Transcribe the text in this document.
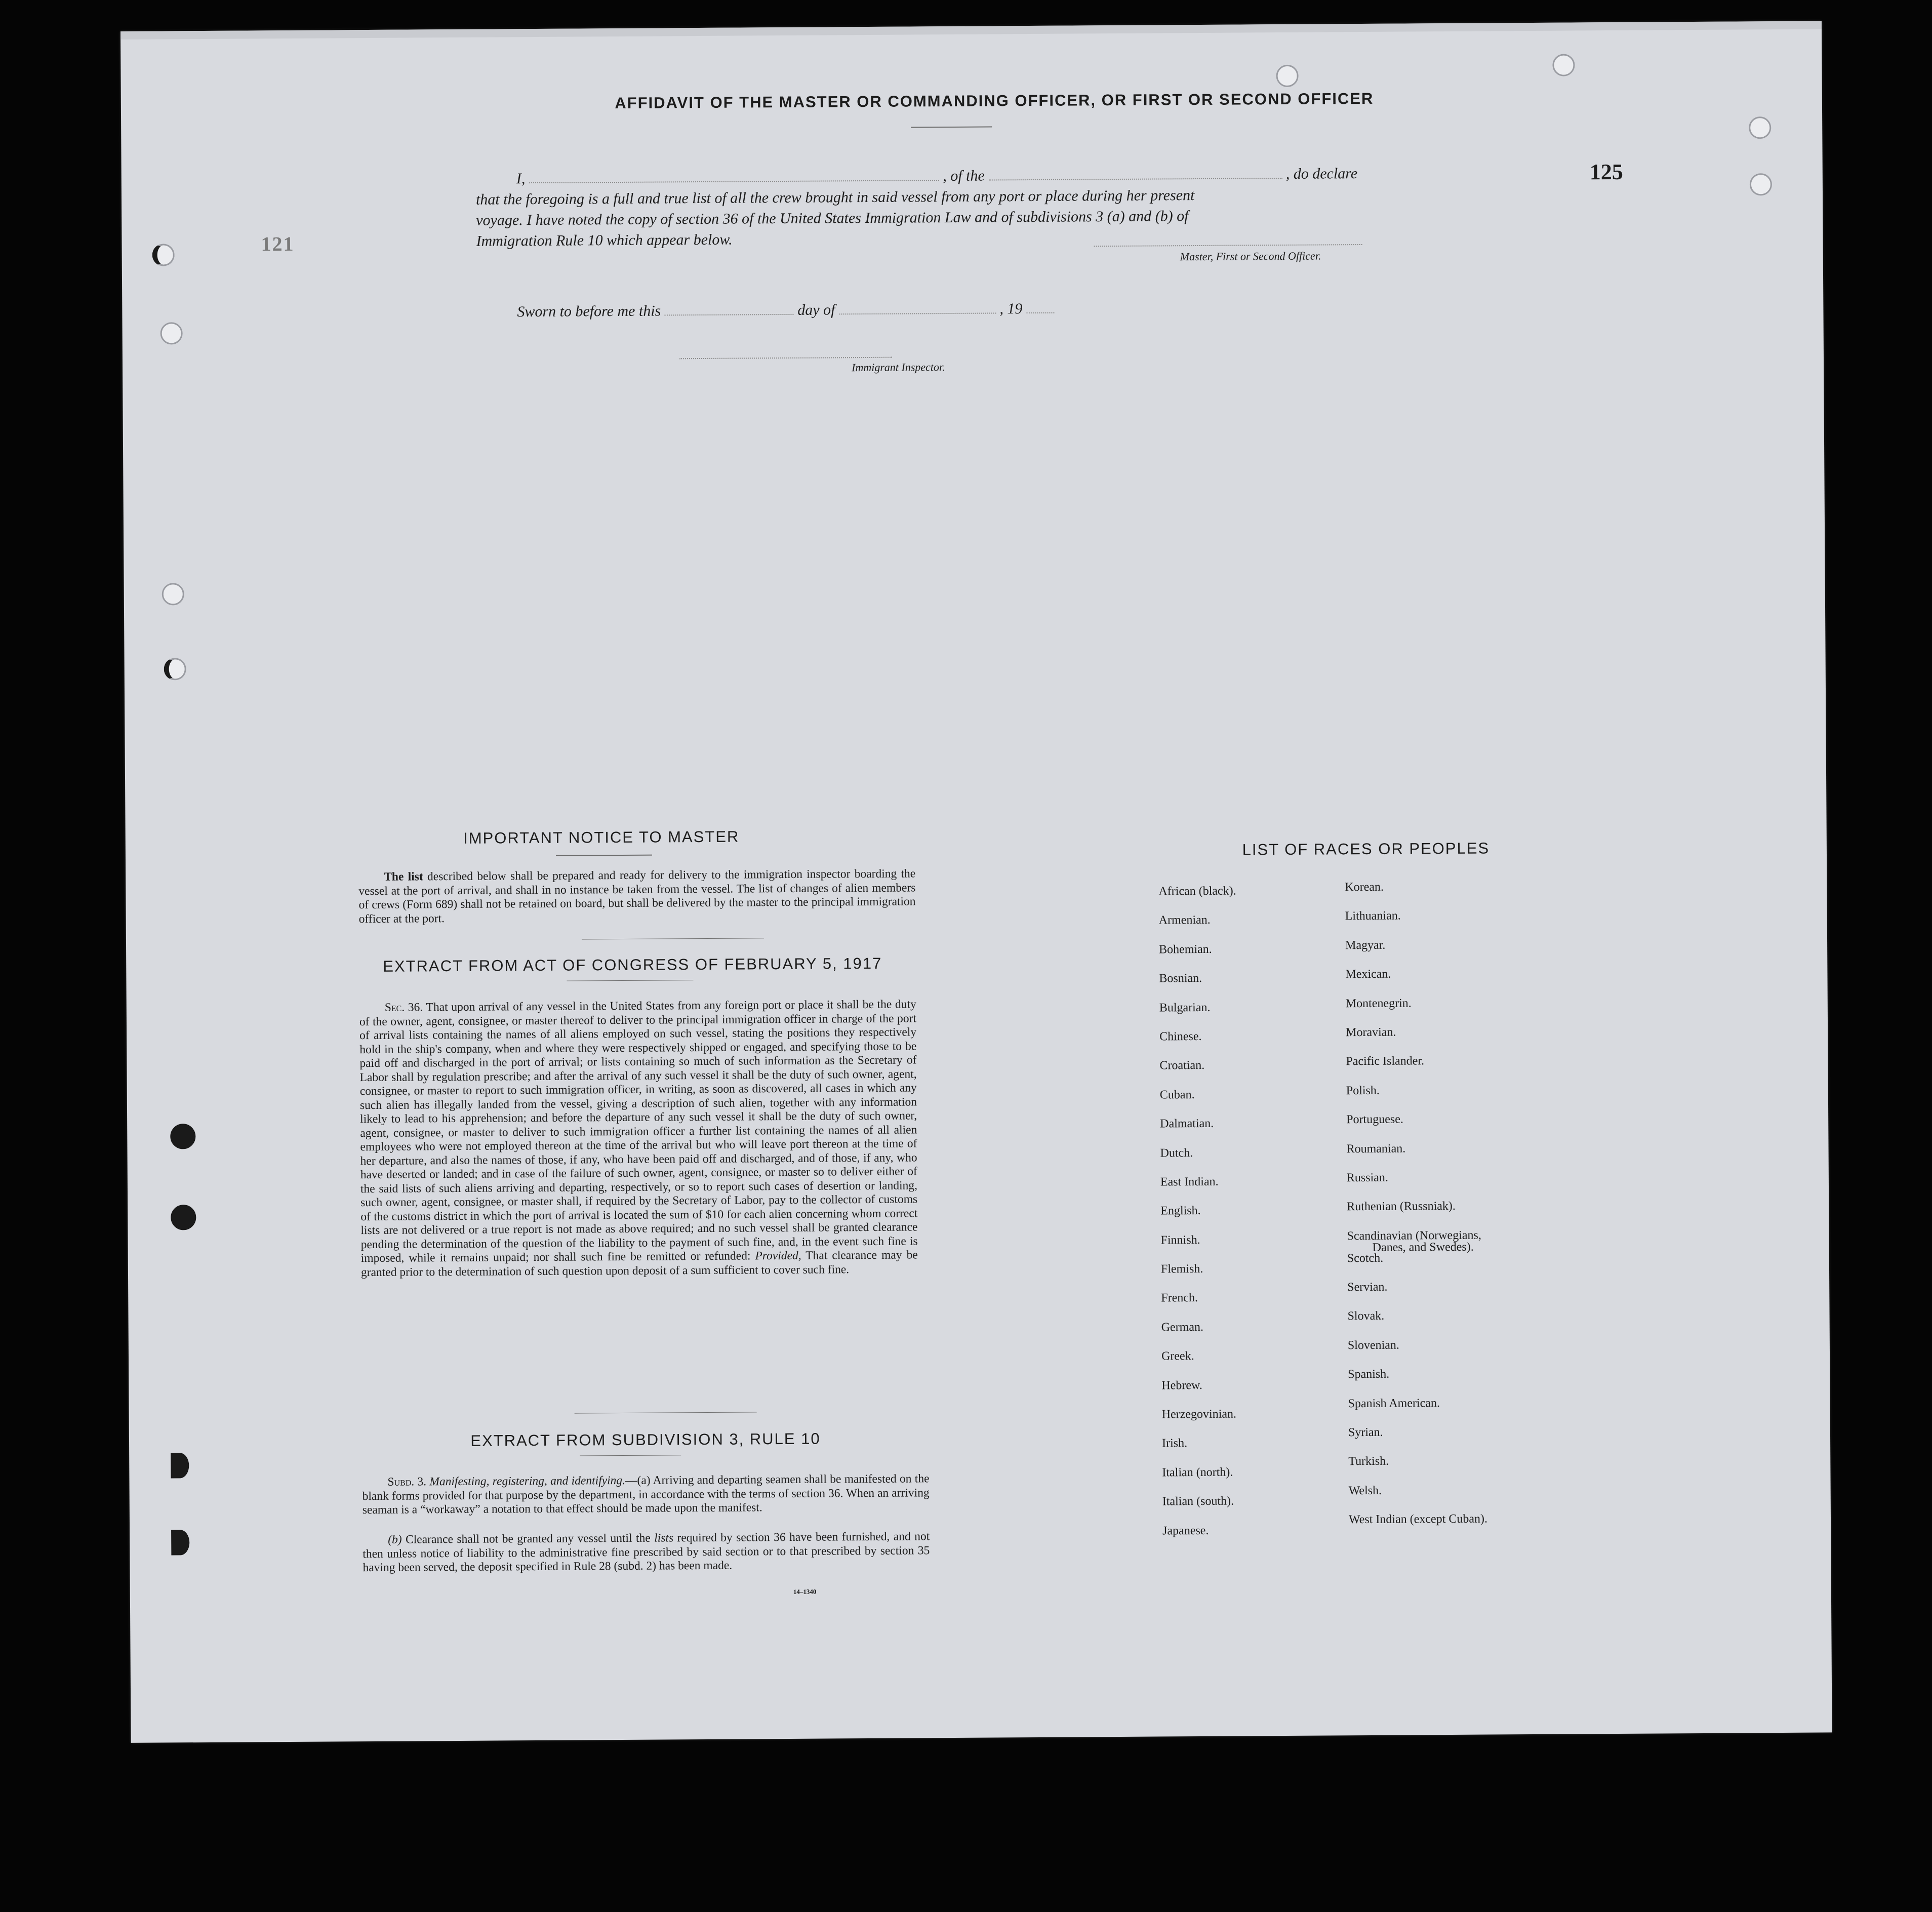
121
125
AFFIDAVIT OF THE MASTER OR COMMANDING OFFICER, OR FIRST OR SECOND OFFICER
I,	, of the	, do declare
that the foregoing is a full and true list of all the crew brought in said vessel from any port or place during her present
voyage. I have noted the copy of section 36 of the United States Immigration Law and of subdivisions 3 (a) and (b) of
Immigration Rule 10 which appear below.
Master, First or Second Officer.
Sworn to before me this	day of	, 19
Immigrant Inspector.
IMPORTANT NOTICE TO MASTER
The list described below shall be prepared and ready for delivery to the immigration inspector boarding the vessel at the port of arrival, and shall in no instance be taken from the vessel. The list of changes of alien members of crews (Form 689) shall not be retained on board, but shall be delivered by the master to the principal immigration officer at the port.
EXTRACT FROM ACT OF CONGRESS OF FEBRUARY 5, 1917
Sec. 36. That upon arrival of any vessel in the United States from any foreign port or place it shall be the duty of the owner, agent, consignee, or master thereof to deliver to the principal immigration officer in charge of the port of arrival lists containing the names of all aliens employed on such vessel, stating the positions they respectively hold in the ship's company, when and where they were respectively shipped or engaged, and specifying those to be paid off and discharged in the port of arrival; or lists containing so much of such information as the Secretary of Labor shall by regulation prescribe; and after the arrival of any such vessel it shall be the duty of such owner, agent, consignee, or master to report to such immigration officer, in writing, as soon as discovered, all cases in which any such alien has illegally landed from the vessel, giving a description of such alien, together with any information likely to lead to his apprehension; and before the departure of any such vessel it shall be the duty of such owner, agent, consignee, or master to deliver to such immigration officer a further list containing the names of all alien employees who were not employed thereon at the time of the arrival but who will leave port thereon at the time of her departure, and also the names of those, if any, who have been paid off and discharged, and of those, if any, who have deserted or landed; and in case of the failure of such owner, agent, consignee, or master so to deliver either of the said lists of such aliens arriving and departing, respectively, or so to report such cases of desertion or landing, such owner, agent, consignee, or master shall, if required by the Secretary of Labor, pay to the collector of customs of the customs district in which the port of arrival is located the sum of $10 for each alien concerning whom correct lists are not delivered or a true report is not made as above required; and no such vessel shall be granted clearance pending the determination of the question of the liability to the payment of such fine, and, in the event such fine is imposed, while it remains unpaid; nor shall such fine be remitted or refunded: Provided, That clearance may be granted prior to the determination of such question upon deposit of a sum sufficient to cover such fine.
EXTRACT FROM SUBDIVISION 3, RULE 10
Subd. 3. Manifesting, registering, and identifying.—(a) Arriving and departing seamen shall be manifested on the blank forms provided for that purpose by the department, in accordance with the terms of section 36. When an arriving seaman is a “workaway” a notation to that effect should be made upon the manifest.
(b) Clearance shall not be granted any vessel until the lists required by section 36 have been furnished, and not then unless notice of liability to the administrative fine prescribed by said section or to that prescribed by section 35 having been served, the deposit specified in Rule 28 (subd. 2) has been made.
14–1340
LIST OF RACES OR PEOPLES
African (black).
Armenian.
Bohemian.
Bosnian.
Bulgarian.
Chinese.
Croatian.
Cuban.
Dalmatian.
Dutch.
East Indian.
English.
Finnish.
Flemish.
French.
German.
Greek.
Hebrew.
Herzegovinian.
Irish.
Italian (north).
Italian (south).
Japanese.
Korean.
Lithuanian.
Magyar.
Mexican.
Montenegrin.
Moravian.
Pacific Islander.
Polish.
Portuguese.
Roumanian.
Russian.
Ruthenian (Russniak).
Scandinavian (Norwegians,
Danes, and Swedes).
Scotch.
Servian.
Slovak.
Slovenian.
Spanish.
Spanish American.
Syrian.
Turkish.
Welsh.
West Indian (except Cuban).
